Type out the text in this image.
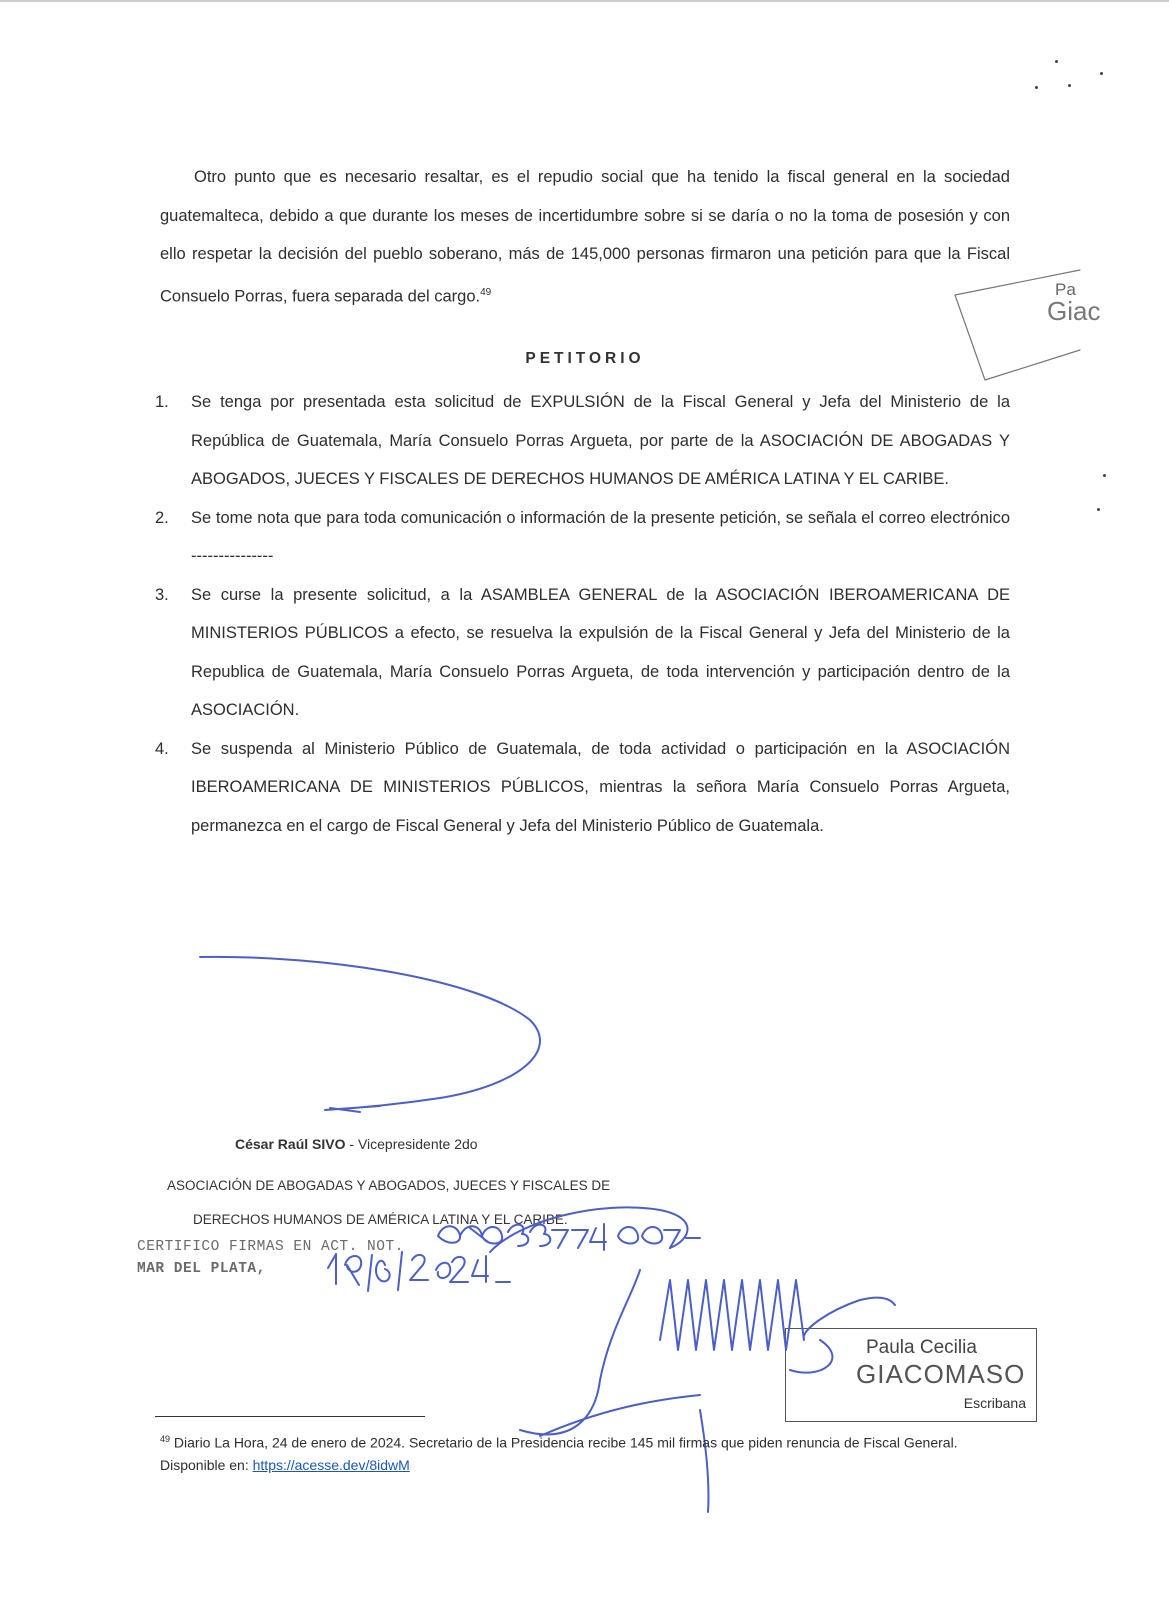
Otro punto que es necesario resaltar, es el repudio social que ha tenido la fiscal general en la sociedad guatemalteca, debido a que durante los meses de incertidumbre sobre si se daría o no la toma de posesión y con ello respetar la decisión del pueblo soberano, más de 145,000 personas firmaron una petición para que la Fiscal Consuelo Porras, fuera separada del cargo.$^{49}$
PETITORIO
1. Se tenga por presentada esta solicitud de EXPULSIÓN de la Fiscal General y Jefa del Ministerio de la República de Guatemala, María Consuelo Porras Argueta, por parte de la ASOCIACIÓN DE ABOGADAS Y ABOGADOS, JUECES Y FISCALES DE DERECHOS HUMANOS DE AMÉRICA LATINA Y EL CARIBE.
2. Se tome nota que para toda comunicación o información de la presente petición, se señala el correo electrónico ---------------
3. Se curse la presente solicitud, a la ASAMBLEA GENERAL de la ASOCIACIÓN IBEROAMERICANA DE MINISTERIOS PÚBLICOS a efecto, se resuelva la expulsión de la Fiscal General y Jefa del Ministerio de la Republica de Guatemala, María Consuelo Porras Argueta, de toda intervención y participación dentro de la ASOCIACIÓN.
4. Se suspenda al Ministerio Público de Guatemala, de toda actividad o participación en la ASOCIACIÓN IBEROAMERICANA DE MINISTERIOS PÚBLICOS, mientras la señora María Consuelo Porras Argueta, permanezca en el cargo de Fiscal General y Jefa del Ministerio Público de Guatemala.
Pa
Giac
César Raúl SIVO - Vicepresidente 2do
ASOCIACIÓN DE ABOGADAS Y ABOGADOS, JUECES Y FISCALES DE
DERECHOS HUMANOS DE AMÉRICA LATINA Y EL CARIBE.
CERTIFICO FIRMAS EN ACT. NOT.
MAR DEL PLATA,
Paula Cecilia
GIACOMASO
Escribana
$^{49}$ Diario La Hora, 24 de enero de 2024. Secretario de la Presidencia recibe 145 mil firmas que piden renuncia de Fiscal General. Disponible en: https://acesse.dev/8idwM
